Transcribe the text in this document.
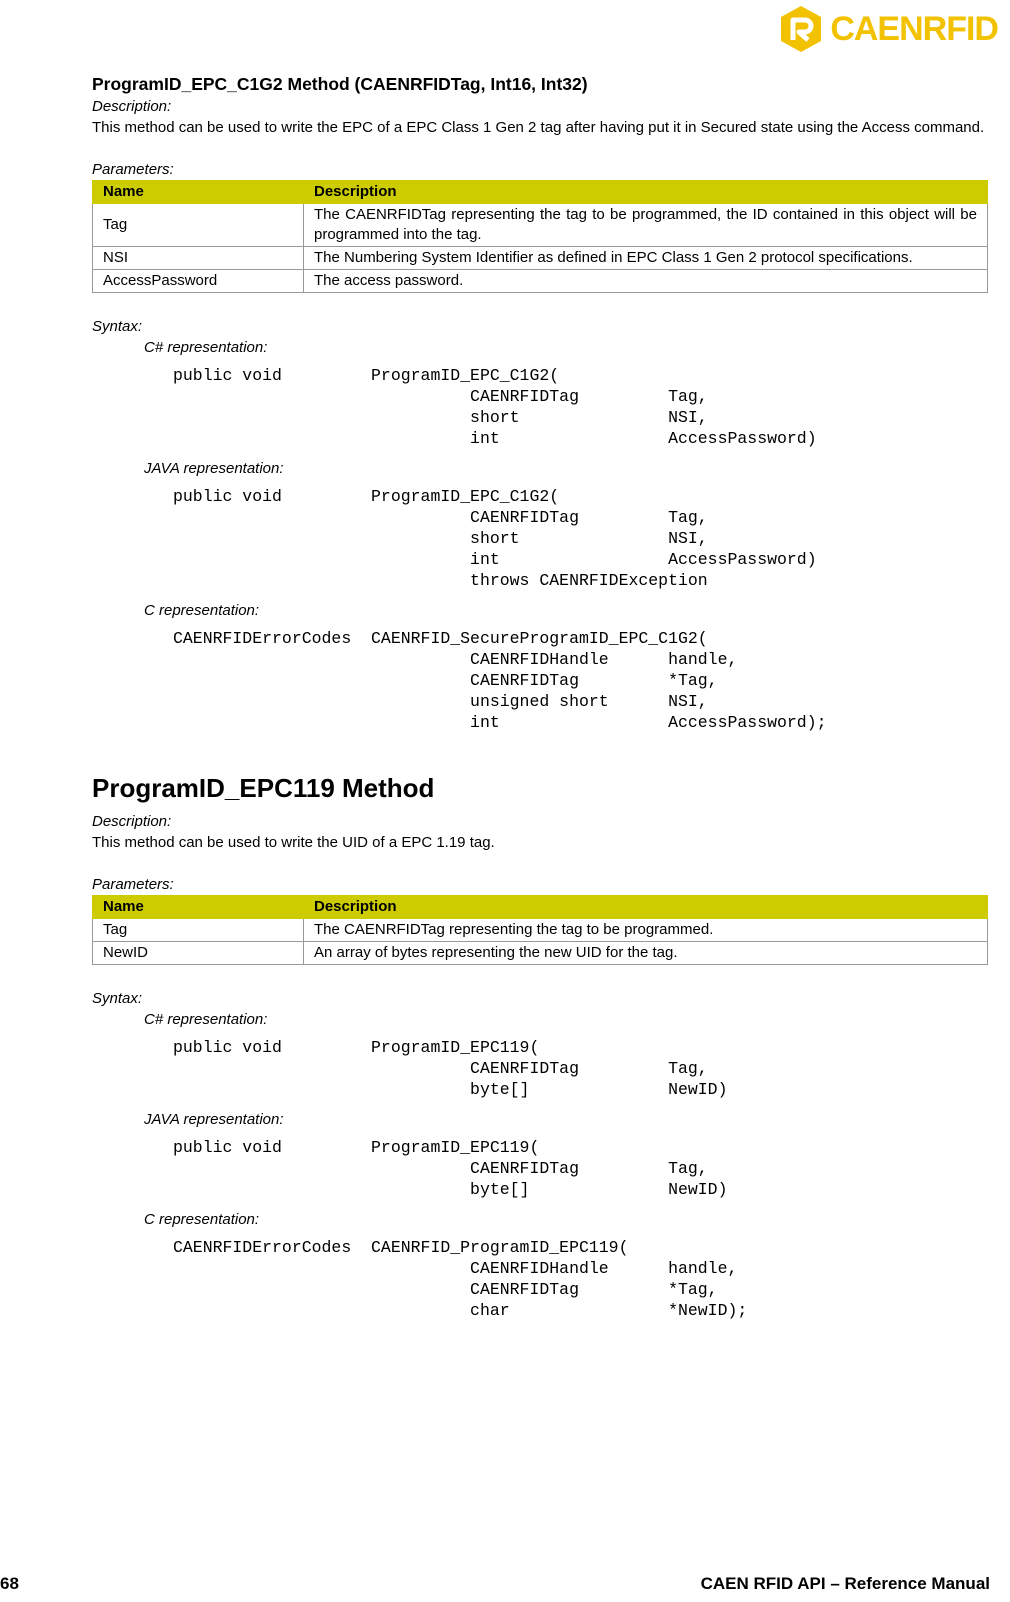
CAENRFID

ProgramID_EPC_C1G2 Method (CAENRFIDTag, Int16, Int32)

Description:
This method can be used to write the EPC of a EPC Class 1 Gen 2 tag after having put it in Secured state using the Access command.
Parameters:
Name	Description
Tag	The CAENRFIDTag representing the tag to be programmed, the ID contained in this object will be programmed into the tag.
NSI	The Numbering System Identifier as defined in EPC Class 1 Gen 2 protocol specifications.
AccessPassword	The access password.
Syntax:
C# representation:
public void         ProgramID_EPC_C1G2(
CAENRFIDTag         Tag,
short               NSI,
int                 AccessPassword)
JAVA representation:
public void         ProgramID_EPC_C1G2(
CAENRFIDTag         Tag,
short               NSI,
int                 AccessPassword)
throws CAENRFIDException
C representation:
CAENRFIDErrorCodes  CAENRFID_SecureProgramID_EPC_C1G2(
CAENRFIDHandle      handle,
CAENRFIDTag         *Tag,
unsigned short      NSI,
int                 AccessPassword);

ProgramID_EPC119 Method

Description:
This method can be used to write the UID of a EPC 1.19 tag.
Parameters:
Name	Description
Tag	The CAENRFIDTag representing the tag to be programmed.
NewID	An array of bytes representing the new UID for the tag.
Syntax:
C# representation:
public void         ProgramID_EPC119(
CAENRFIDTag         Tag,
byte[]              NewID)
JAVA representation:
public void         ProgramID_EPC119(
CAENRFIDTag         Tag,
byte[]              NewID)
C representation:
CAENRFIDErrorCodes  CAENRFID_ProgramID_EPC119(
CAENRFIDHandle      handle,
CAENRFIDTag         *Tag,
char                *NewID);
68	CAEN RFID API – Reference Manual
